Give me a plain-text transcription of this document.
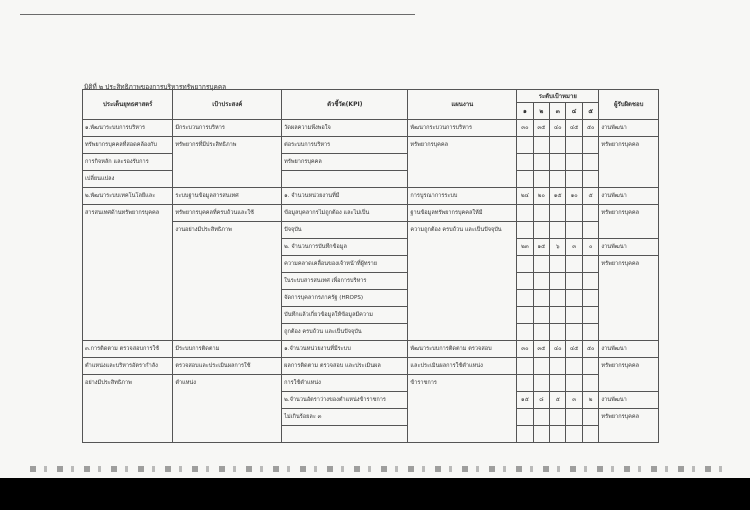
มิติที่ ๒ ประสิทธิภาพของการบริหารทรัพยากรบุคคล
ประเด็นยุทธศาสตร์	เป้าประสงค์	ตัวชี้วัด(KPI)	แผนงาน	ระดับเป้าหมาย					ผู้รับผิดชอบ
				๑	๒	๓	๔	๕	
๑.พัฒนาระบบการบริหาร	มีกระบวนการบริหาร	วัดผลความพึงพอใจ	พัฒนากระบวนการบริหาร	๓๐	๓๕	๔๐	๔๕	๕๐	งานพัฒนา
ทรัพยากรบุคคลที่สอดคล้องกับ	ทรัพยากรที่มีประสิทธิภาพ	ต่อระบบการบริหาร	ทรัพยากรบุคคล						ทรัพยากรบุคคล
การกิจหลัก และรองรับการ		ทรัพยากรบุคคล							
เปลี่ยนแปลง									
๒.พัฒนาระบบเทคโนโลยีและ	ระบบฐานข้อมูลสารสนเทศ	๑. จำนวนหน่วยงานที่มี	การบูรณาการระบบ	๒๔	๒๐	๑๕	๑๐	๕	งานพัฒนา
สารสนเทศด้านทรัพยากรบุคคล	ทรัพยากรบุคคลที่ครบถ้วนและใช้	ข้อมูลบุคลากรไม่ถูกต้อง และไม่เป็น	ฐานข้อมูลทรัพยากรบุคคลให้มี						ทรัพยากรบุคคล
	งานอย่างมีประสิทธิภาพ	ปัจจุบัน	ความถูกต้อง ครบถ้วน และเป็นปัจจุบัน						
		๒. จำนวนการบันทึกข้อมูล		๒๓	๑๕	๖	๓	๐	งานพัฒนา
		ความคลาดเคลื่อนของเจ้าหน้าที่ผู้ทราย							ทรัพยากรบุคคล
		ในระบบสารสนเทศ เพื่อการบริหาร							
		จัดการบุคลากรภาครัฐ (HROPS)							
		บันทึกแล้วเกี่ยวข้อมูลให้ข้อมูลมีความ							
		ถูกต้อง ครบถ้วน และเป็นปัจจุบัน							
๓.การติดตาม ตรวจสอบการใช้	มีระบบการติดตาม	๑.จำนวนหน่วยงานที่มีระบบ	พัฒนาระบบการติดตาม ตรวจสอบ	๓๐	๓๕	๔๐	๔๕	๕๐	งานพัฒนา
ตำแหน่งและบริหารอัตรากำลัง	ตรวจสอบและประเมินผลการใช้	ผลการติดตาม ตรวจสอบ และประเมินผล	และประเมินผลการใช้ตำแหน่ง						ทรัพยากรบุคคล
อย่างมีประสิทธิภาพ	ตำแหน่ง	การใช้ตำแหน่ง	ข้าราชการ						
		๒.จำนวนอัตราว่างของตำแหน่งข้าราชการ		๑๕	๘	๕	๓	๒	งานพัฒนา
		ไม่เกินร้อยละ ๓							ทรัพยากรบุคคล
